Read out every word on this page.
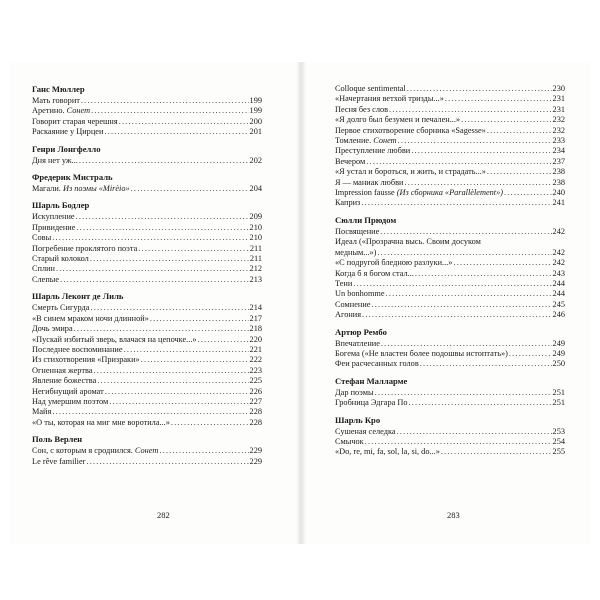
Ганс Мюллер
Мать говорит .....	199
Аретино. Сонет .....	199
Говорит старая черешня .....	200
Раскаяние у Цирцеи .....	201
Генри Лонгфелло
Дня нет уж... .....	202
Фредерик Мистраль
Магали. Из поэмы «Mirèio» .....	204
Шарль Бодлер
Искупление .....	209
Привидение .....	210
Совы .....	210
Погребение проклятого поэта .....	211
Старый колокол .....	211
Сплин .....	212
Слепые .....	213
Шарль Леконт де Лиль
Смерть Сигурда .....	214
«В синем мраком ночи длинной» .....	217
Дочь эмира .....	218
«Пускай избитый зверь, влачася на цепочке...» .....	220
Последнее воспоминание .....	221
Из стихотворения «Призраки» .....	222
Огненная жертва .....	223
Явление божества .....	225
Негибнущий аромат .....	226
Над умершим поэтом .....	227
Майя .....	228
«О ты, которая на миг мне воротила...» .....	228
Поль Верлен
Сон, с которым я сроднился. Сонет .....	229
Le rêve familier .....	229
Colloque sentimental .....	230
«Начертания ветхой тризды...» .....	231
Песня без слов .....	231
«Я долго был безумен и печален...» .....	232
Первое стихотворение сборника «Sagesse» .....	232
Томление. Сонет .....	233
Преступление любви .....	234
Вечером .....	237
«Я устал и бороться, и жить, и страдать...» .....	238
Я — маниак любви .....	238
Impression fausse (Из сборника «Parallèlement») .....	240
Каприз .....	241
Сюлли Прюдом
Посвящение .....	242
Идеал («Прозрачна высь. Своим досуком
медным...») .....	242
«С подругой бледною разлуки...» .....	242
Когда б я богом стал... .....	243
Тени .....	244
Un bonhomme .....	244
Сомнение .....	245
Агония .....	246
Артюр Рембо
Впечатление .....	249
Богема («Не властен более подошвы истоптать») .....	249
Феи расчесанных голов .....	250
Стефан Малларме
Дар поэмы .....	251
Гробница Эдгара По .....	251
Шарль Кро
Сушеная селедка .....	253
Смычок .....	254
«Do, re, mi, fa, sol, la, si, do...» .....	255
282	283
